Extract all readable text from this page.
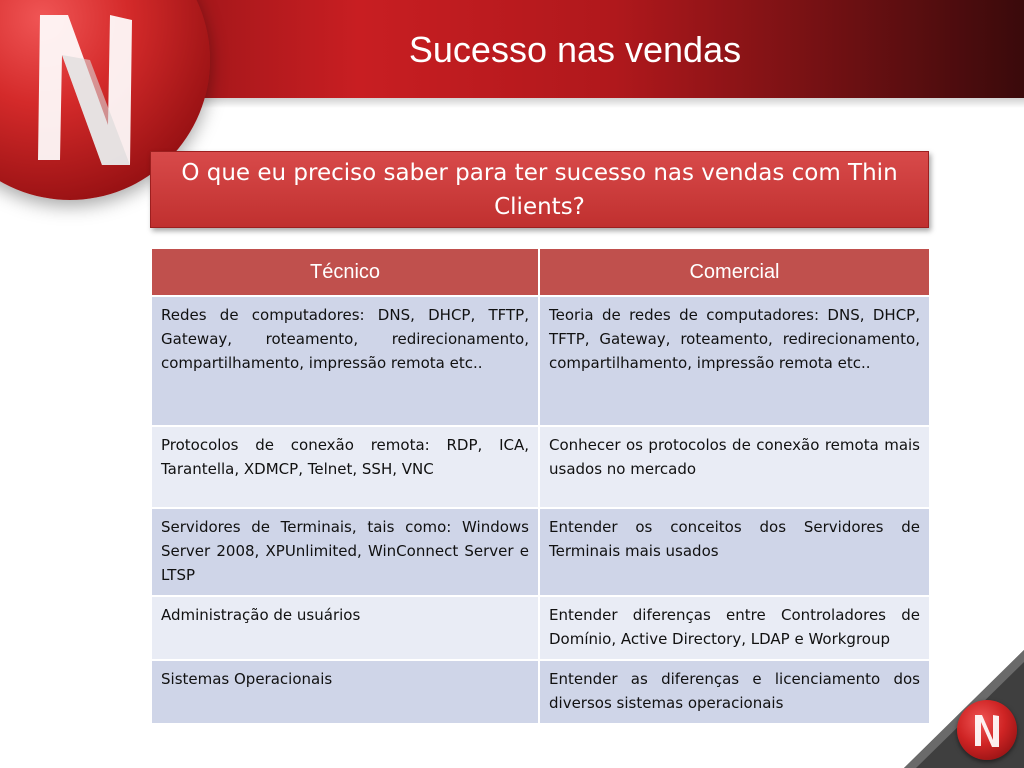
Sucesso nas vendas
O que eu preciso saber para ter sucesso nas vendas com Thin Clients?
Técnico	Comercial
Redes de computadores: DNS, DHCP, TFTP, Gateway, roteamento, redirecionamento, compartilhamento, impressão remota etc..	Teoria de redes de computadores: DNS, DHCP, TFTP, Gateway, roteamento, redirecionamento, compartilhamento, impressão remota etc..
Protocolos de conexão remota: RDP, ICA, Tarantella, XDMCP, Telnet, SSH, VNC	Conhecer os protocolos de conexão remota mais usados no mercado
Servidores de Terminais, tais como: Windows Server 2008, XPUnlimited, WinConnect Server e LTSP	Entender os conceitos dos Servidores de Terminais mais usados
Administração de usuários	Entender diferenças entre Controladores de Domínio, Active Directory, LDAP e Workgroup
Sistemas Operacionais	Entender as diferenças e licenciamento dos diversos sistemas operacionais
